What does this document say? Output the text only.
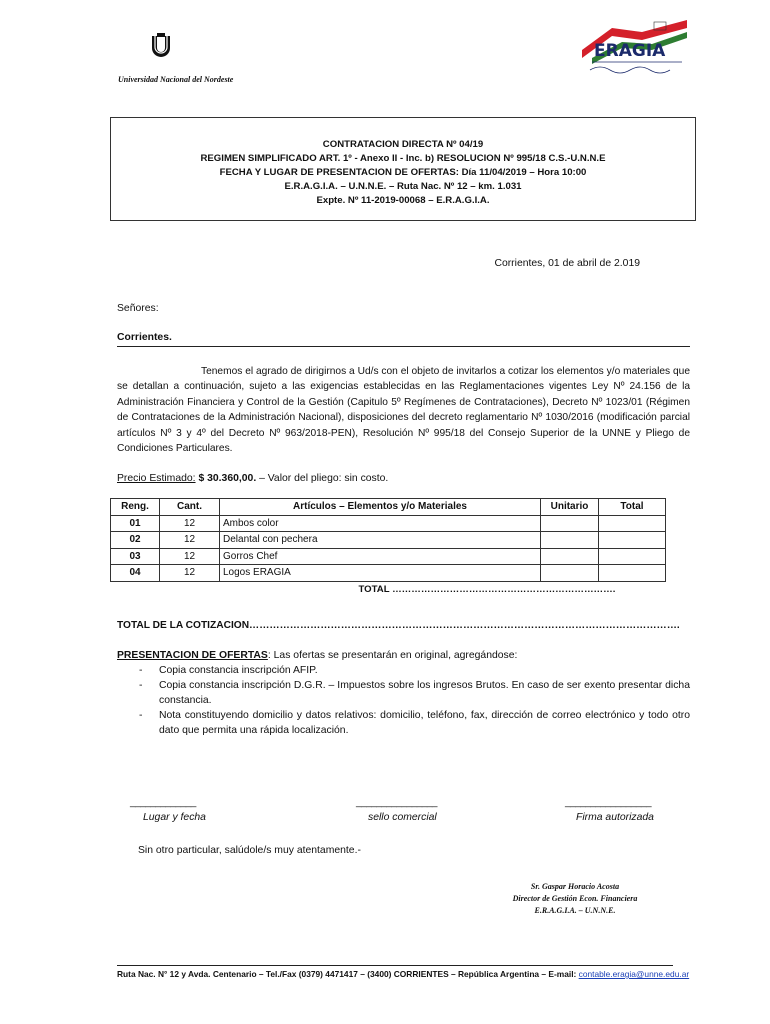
Universidad Nacional del Nordeste
ERAGIA
CONTRATACION DIRECTA Nº 04/19
REGIMEN SIMPLIFICADO ART. 1º - Anexo II - Inc. b) RESOLUCION Nº 995/18 C.S.-U.N.N.E
FECHA Y LUGAR DE PRESENTACION DE OFERTAS: Día 11/04/2019 – Hora 10:00
E.R.A.G.I.A. – U.N.N.E. – Ruta Nac. Nº 12 – km. 1.031
Expte. Nº 11-2019-00068 – E.R.A.G.I.A.
Corrientes, 01 de abril de 2.019
Señores:
Corrientes.
Tenemos el agrado de dirigirnos a Ud/s con el objeto de invitarlos a cotizar los elementos y/o materiales que se detallan a continuación, sujeto a las exigencias establecidas en las Reglamentaciones vigentes Ley Nº 24.156 de la Administración Financiera y Control de la Gestión (Capitulo 5º Regímenes de Contrataciones), Decreto Nº 1023/01 (Régimen de Contrataciones de la Administración Nacional), disposiciones del decreto reglamentario Nº 1030/2016 (modificación parcial artículos Nº 3 y 4º del Decreto Nº 963/2018-PEN), Resolución Nº 995/18 del Consejo Superior de la UNNE y Pliego de Condiciones Particulares.
Precio Estimado: $ 30.360,00. – Valor del pliego: sin costo.
Reng.	Cant.	Artículos – Elementos y/o Materiales	Unitario	Total
01	12	Ambos color		
02	12	Delantal con pechera		
03	12	Gorros Chef		
04	12	Logos ERAGIA		
TOTAL …………………………………………………………….				
TOTAL DE LA COTIZACION……………………………………………………………………………………………………………….
PRESENTACION DE OFERTAS: Las ofertas se presentarán en original, agregándose:
- Copia constancia inscripción AFIP.
- Copia constancia inscripción D.G.R. – Impuestos sobre los ingresos Brutos. En caso de ser exento presentar dicha constancia.
- Nota constituyendo domicilio y datos relativos: domicilio, teléfono, fax, dirección de correo electrónico y todo otro dato que permita una rápida localización.
_____________	________________	_________________
Lugar y fecha	sello comercial	Firma autorizada
Sin otro particular, salúdole/s muy atentamente.-
Sr. Gaspar Horacio Acosta
Director de Gestión Econ. Financiera
E.R.A.G.I.A. – U.N.N.E.
Ruta Nac. N° 12 y Avda. Centenario – Tel./Fax (0379) 4471417 – (3400) CORRIENTES – República Argentina – E-mail: contable.eragia@unne.edu.ar
